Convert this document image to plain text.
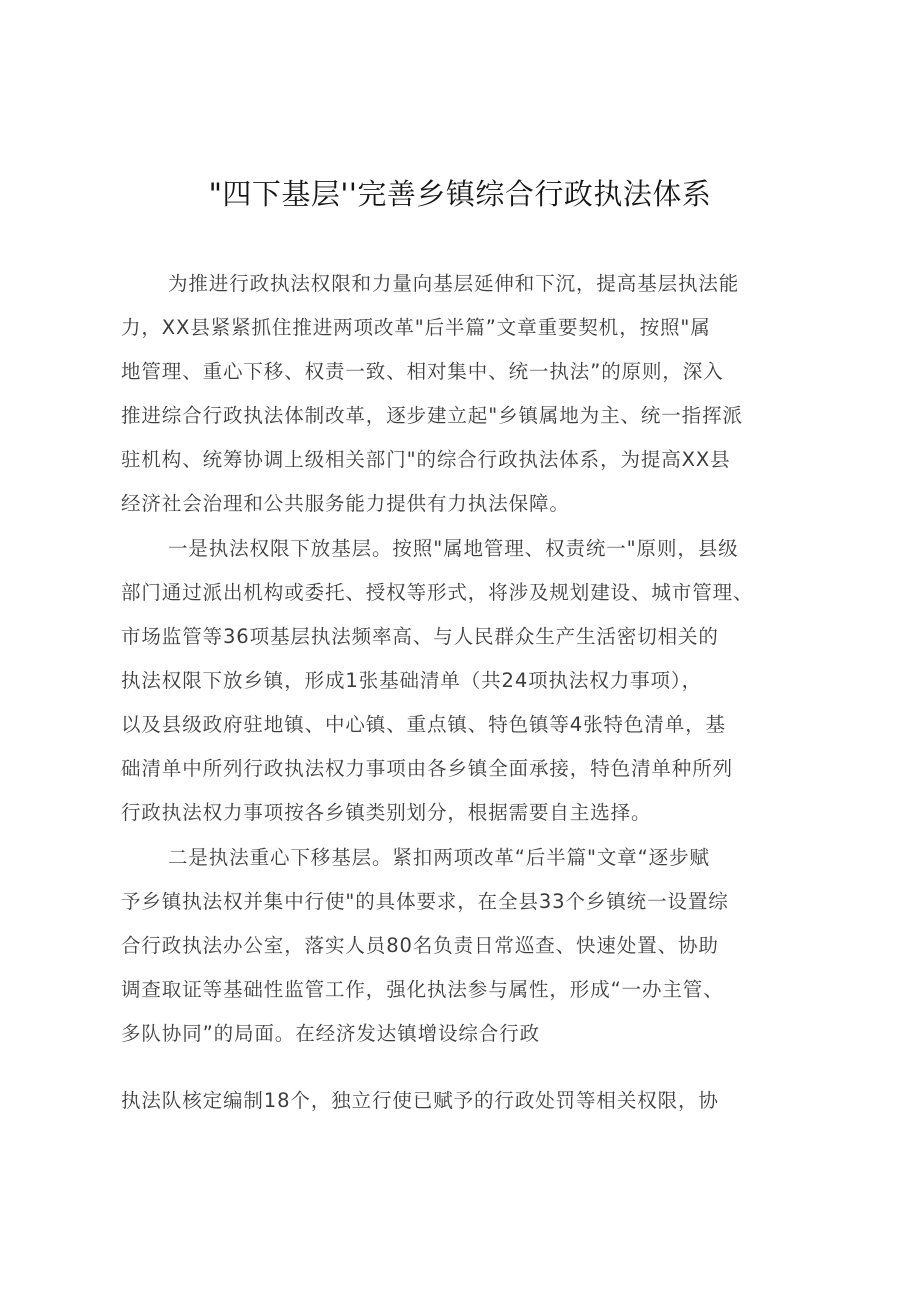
"四下基层''完善乡镇综合行政执法体系
为推进行政执法权限和力量向基层延伸和下沉，提高基层执法能
力，XX县紧紧抓住推进两项改革"后半篇”文章重要契机，按照"属
地管理、重心下移、权责一致、相对集中、统一执法”的原则，深入
推进综合行政执法体制改革，逐步建立起"乡镇属地为主、统一指挥派
驻机构、统筹协调上级相关部门"的综合行政执法体系，为提高XX县
经济社会治理和公共服务能力提供有力执法保障。
一是执法权限下放基层。按照"属地管理、权责统一"原则，县级
部门通过派出机构或委托、授权等形式，将涉及规划建设、城市管理、
市场监管等36项基层执法频率高、与人民群众生产生活密切相关的
执法权限下放乡镇，形成1张基础清单（共24项执法权力事项），
以及县级政府驻地镇、中心镇、重点镇、特色镇等4张特色清单，基
础清单中所列行政执法权力事项由各乡镇全面承接，特色清单种所列
行政执法权力事项按各乡镇类别划分，根据需要自主选择。
二是执法重心下移基层。紧扣两项改革“后半篇"文章“逐步赋
予乡镇执法权并集中行使"的具体要求，在全县33个乡镇统一设置综
合行政执法办公室，落实人员80名负责日常巡查、快速处置、协助
调查取证等基础性监管工作，强化执法参与属性，形成“一办主管、
多队协同”的局面。在经济发达镇增设综合行政
执法队核定编制18个，独立行使已赋予的行政处罚等相关权限，协
